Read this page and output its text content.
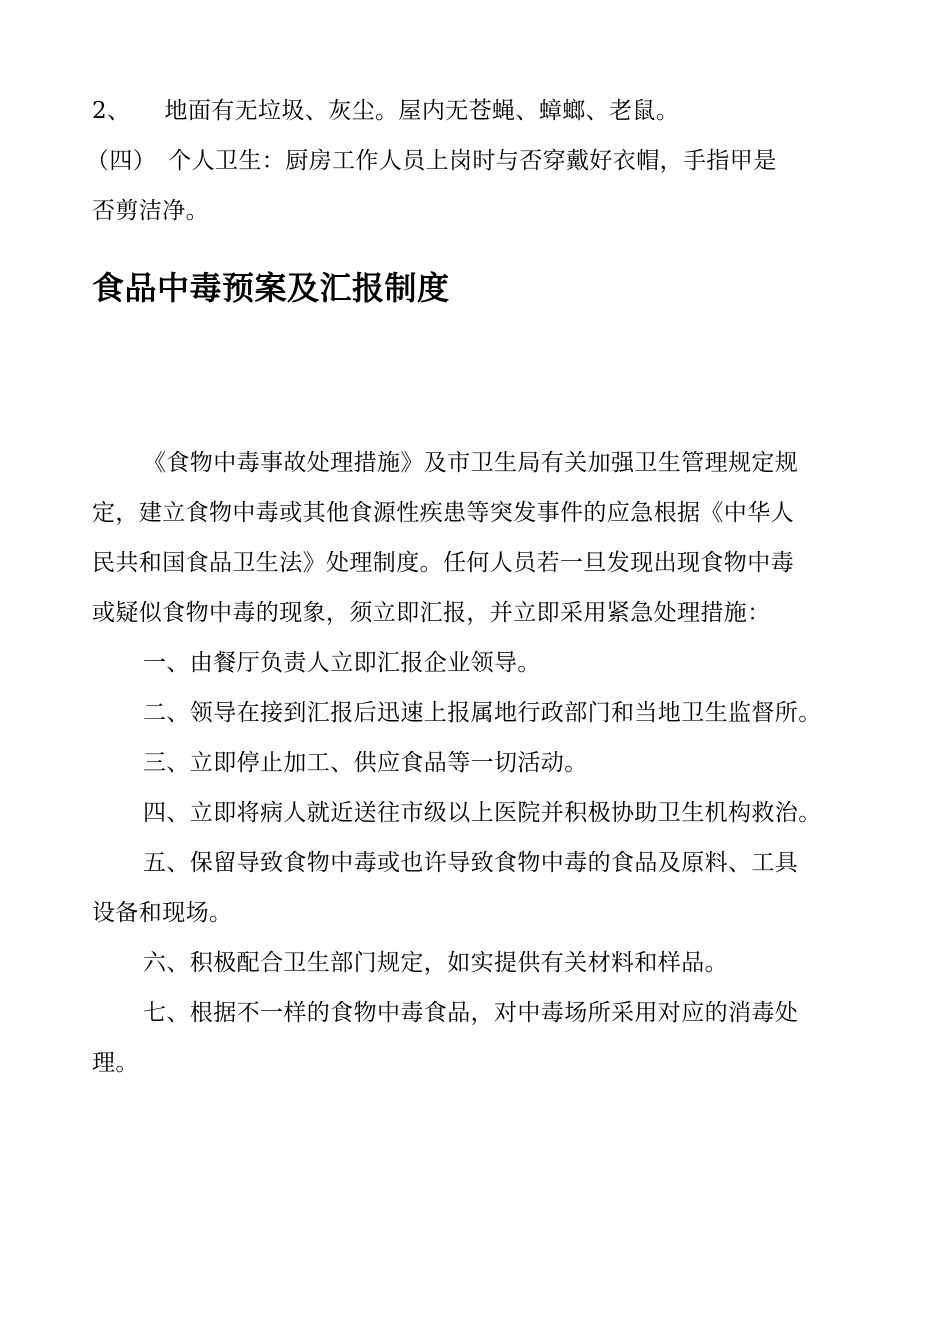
2、 地面有无垃圾、灰尘。屋内无苍蝇、蟑螂、老鼠。
（四） 个人卫生：厨房工作人员上岗时与否穿戴好衣帽，手指甲是
否剪洁净。
食品中毒预案及汇报制度
《食物中毒事故处理措施》及市卫生局有关加强卫生管理规定规
定，建立食物中毒或其他食源性疾患等突发事件的应急根据《中华人
民共和国食品卫生法》处理制度。任何人员若一旦发现出现食物中毒
或疑似食物中毒的现象，须立即汇报，并立即采用紧急处理措施：
一、由餐厅负责人立即汇报企业领导。
二、领导在接到汇报后迅速上报属地行政部门和当地卫生监督所。
三、立即停止加工、供应食品等一切活动。
四、立即将病人就近送往市级以上医院并积极协助卫生机构救治。
五、保留导致食物中毒或也许导致食物中毒的食品及原料、工具
设备和现场。
六、积极配合卫生部门规定，如实提供有关材料和样品。
七、根据不一样的食物中毒食品，对中毒场所采用对应的消毒处
理。
